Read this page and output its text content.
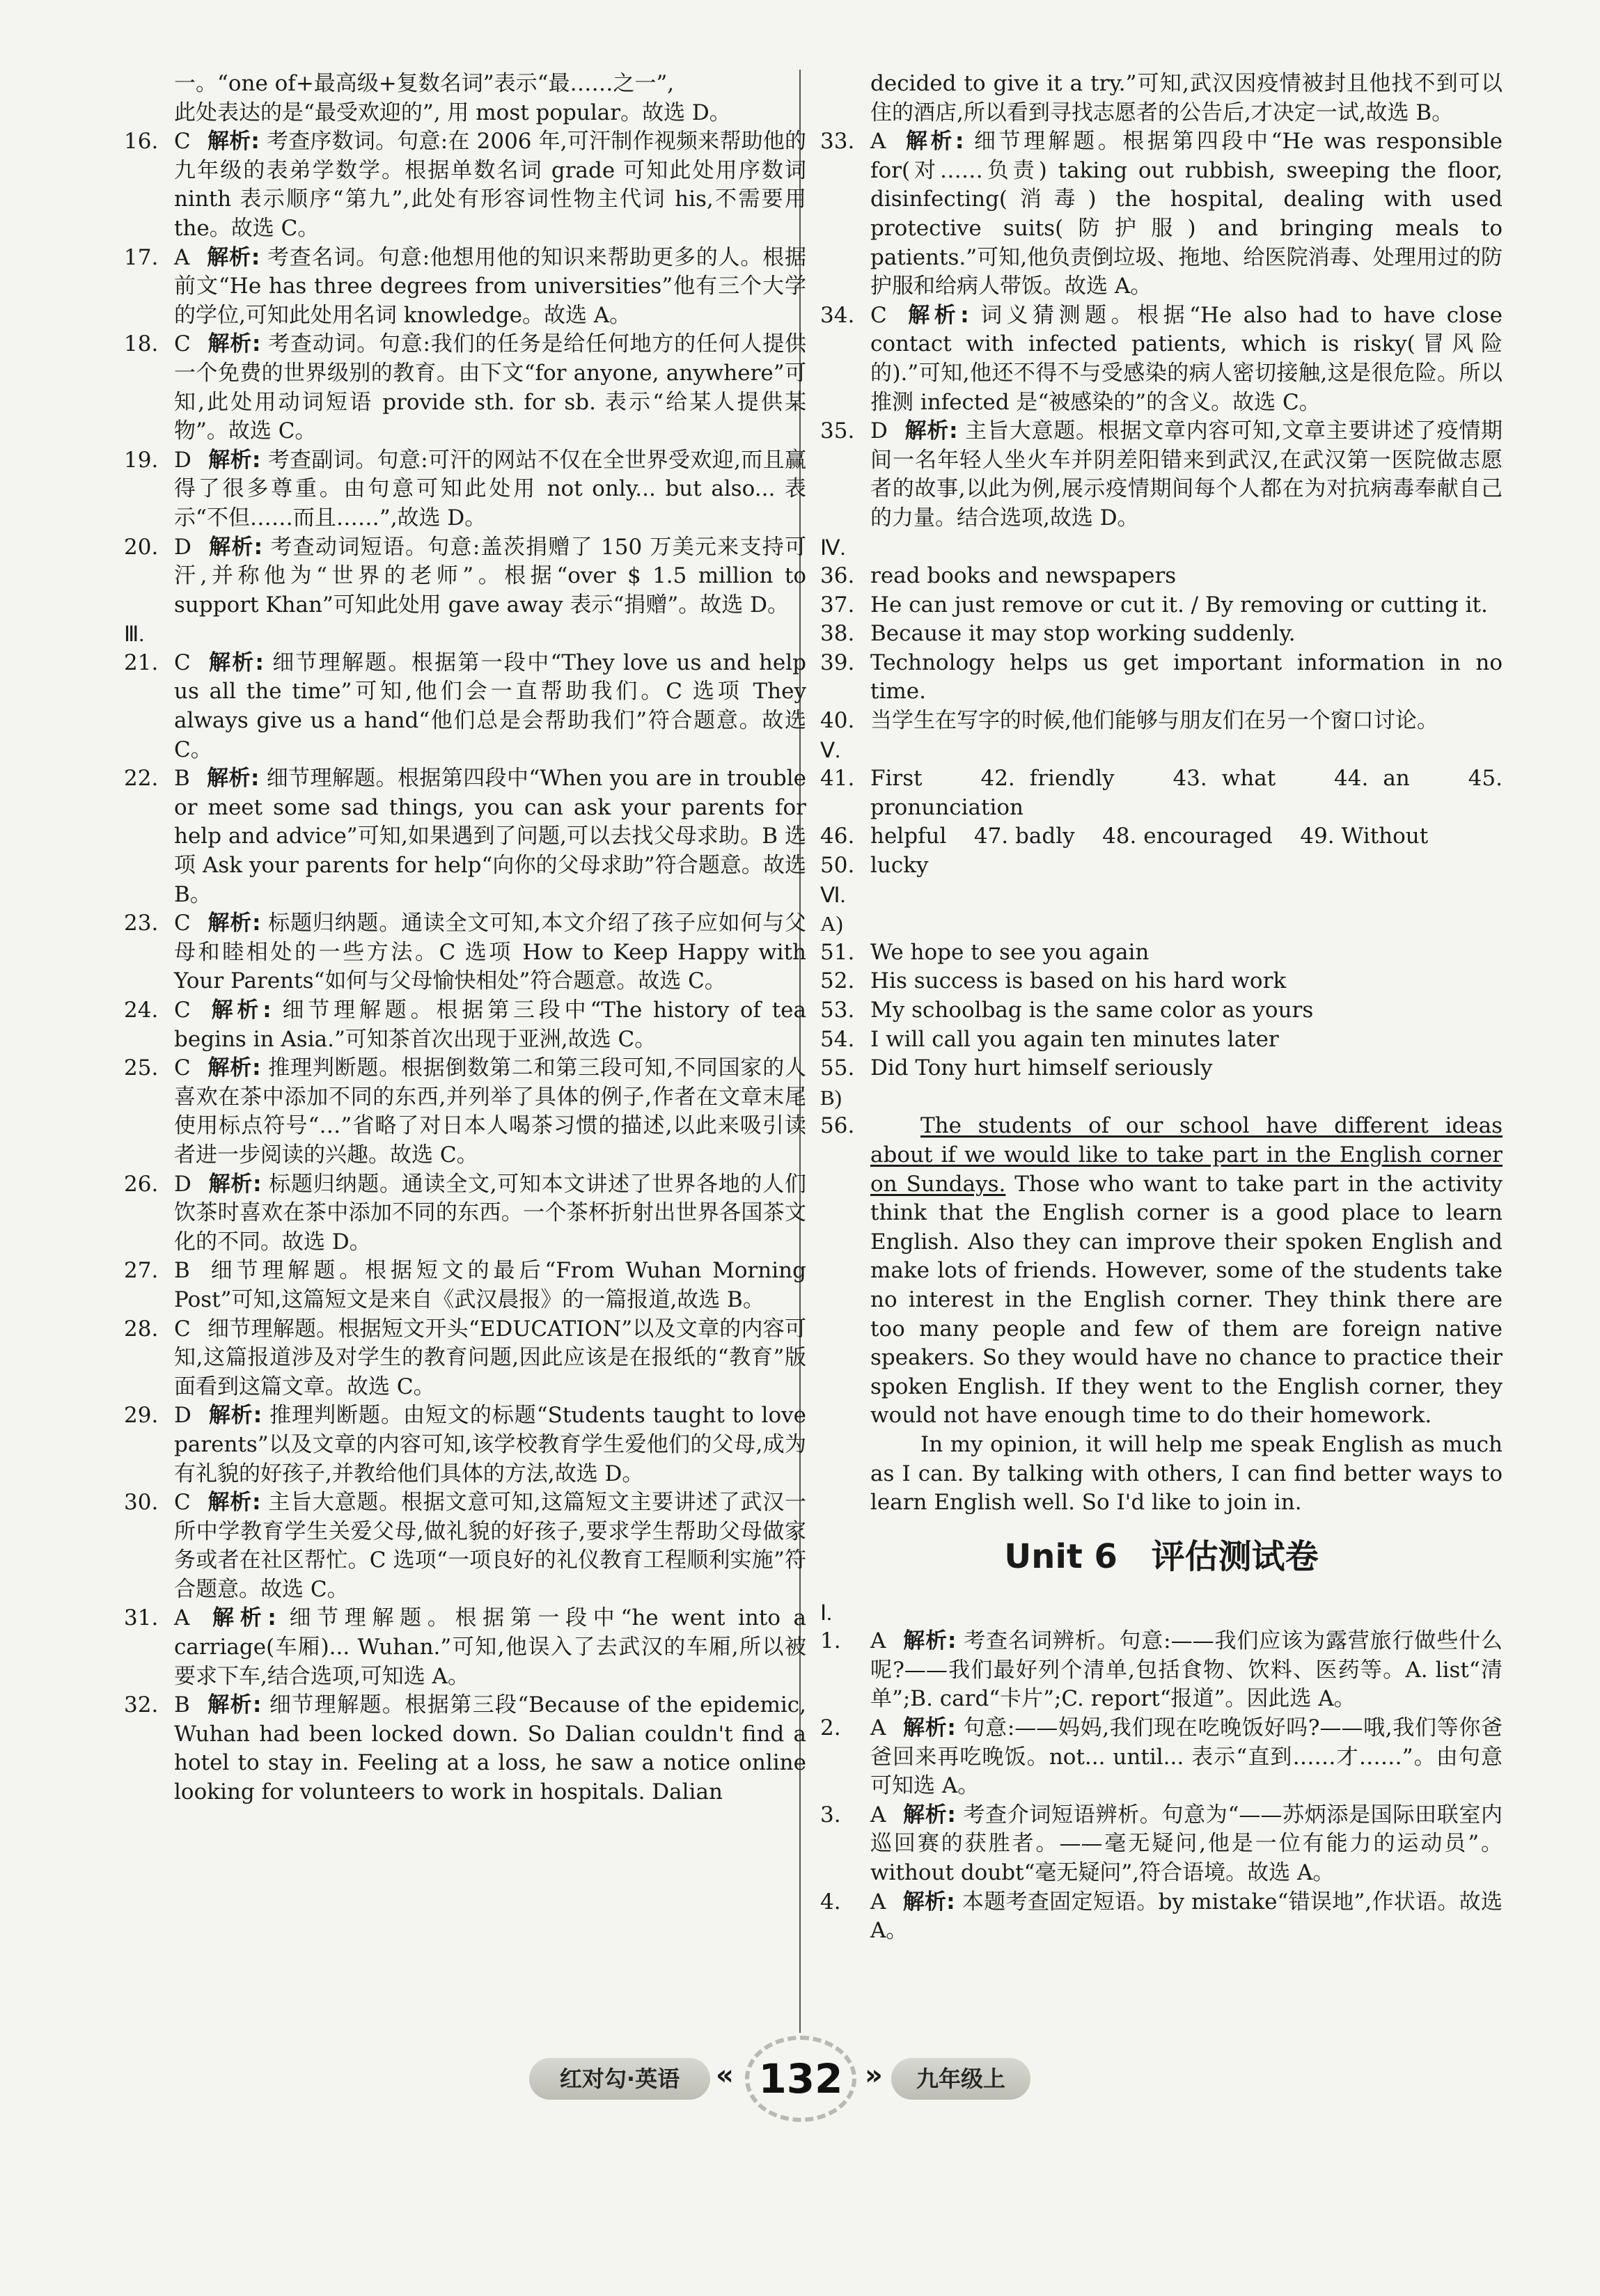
一。“one of+最高级+复数名词”表示“最……之一”,

此处表达的是“最受欢迎的”, 用 most popular。故选 D。

16. C 解析: 考查序数词。句意:在 2006 年,可汗制作视频来帮助他的九年级的表弟学数学。根据单数名词 grade 可知此处用序数词 ninth 表示顺序“第九”,此处有形容词性物主代词 his,不需要用 the。故选 C。
17. A 解析: 考查名词。句意:他想用他的知识来帮助更多的人。根据前文“He has three degrees from universities”他有三个大学的学位,可知此处用名词 knowledge。故选 A。
18. C 解析: 考查动词。句意:我们的任务是给任何地方的任何人提供一个免费的世界级别的教育。由下文“for anyone, anywhere”可知,此处用动词短语 provide sth. for sb. 表示“给某人提供某物”。故选 C。
19. D 解析: 考查副词。句意:可汗的网站不仅在全世界受欢迎,而且赢得了很多尊重。由句意可知此处用 not only... but also... 表示“不但……而且……”,故选 D。
20. D 解析: 考查动词短语。句意:盖茨捐赠了 150 万美元来支持可汗,并称他为“世界的老师”。根据“over $ 1.5 million to support Khan”可知此处用 gave away 表示“捐赠”。故选 D。

Ⅲ.

21. C 解析: 细节理解题。根据第一段中“They love us and help us all the time”可知,他们会一直帮助我们。C 选项 They always give us a hand“他们总是会帮助我们”符合题意。故选 C。
22. B 解析: 细节理解题。根据第四段中“When you are in trouble or meet some sad things, you can ask your parents for help and advice”可知,如果遇到了问题,可以去找父母求助。B 选项 Ask your parents for help“向你的父母求助”符合题意。故选 B。
23. C 解析: 标题归纳题。通读全文可知,本文介绍了孩子应如何与父母和睦相处的一些方法。C 选项 How to Keep Happy with Your Parents“如何与父母愉快相处”符合题意。故选 C。
24. C 解析: 细节理解题。根据第三段中“The history of tea begins in Asia.”可知茶首次出现于亚洲,故选 C。
25. C 解析: 推理判断题。根据倒数第二和第三段可知,不同国家的人喜欢在茶中添加不同的东西,并列举了具体的例子,作者在文章末尾使用标点符号“…”省略了对日本人喝茶习惯的描述,以此来吸引读者进一步阅读的兴趣。故选 C。
26. D 解析: 标题归纳题。通读全文,可知本文讲述了世界各地的人们饮茶时喜欢在茶中添加不同的东西。一个茶杯折射出世界各国茶文化的不同。故选 D。
27. B 细节理解题。根据短文的最后“From Wuhan Morning Post”可知,这篇短文是来自《武汉晨报》的一篇报道,故选 B。
28. C 细节理解题。根据短文开头“EDUCATION”以及文章的内容可知,这篇报道涉及对学生的教育问题,因此应该是在报纸的“教育”版面看到这篇文章。故选 C。
29. D 解析: 推理判断题。由短文的标题“Students taught to love parents”以及文章的内容可知,该学校教育学生爱他们的父母,成为有礼貌的好孩子,并教给他们具体的方法,故选 D。
30. C 解析: 主旨大意题。根据文意可知,这篇短文主要讲述了武汉一所中学教育学生关爱父母,做礼貌的好孩子,要求学生帮助父母做家务或者在社区帮忙。C 选项“一项良好的礼仪教育工程顺利实施”符合题意。故选 C。
31. A 解析: 细节理解题。根据第一段中“he went into a carriage(车厢)... Wuhan.”可知,他误入了去武汉的车厢,所以被要求下车,结合选项,可知选 A。
32. B 解析: 细节理解题。根据第三段“Because of the epidemic, Wuhan had been locked down. So Dalian couldn't find a hotel to stay in. Feeling at a loss, he saw a notice online looking for volunteers to work in hospitals. Dalian

decided to give it a try.”可知,武汉因疫情被封且他找不到可以住的酒店,所以看到寻找志愿者的公告后,才决定一试,故选 B。

33. A 解析: 细节理解题。根据第四段中“He was responsible for(对……负责) taking out rubbish, sweeping the floor, disinfecting(消毒) the hospital, dealing with used protective suits(防护服) and bringing meals to patients.”可知,他负责倒垃圾、拖地、给医院消毒、处理用过的防护服和给病人带饭。故选 A。
34. C 解析: 词义猜测题。根据“He also had to have close contact with infected patients, which is risky(冒风险的).”可知,他还不得不与受感染的病人密切接触,这是很危险。所以推测 infected 是“被感染的”的含义。故选 C。
35. D 解析: 主旨大意题。根据文章内容可知,文章主要讲述了疫情期间一名年轻人坐火车并阴差阳错来到武汉,在武汉第一医院做志愿者的故事,以此为例,展示疫情期间每个人都在为对抗病毒奉献自己的力量。结合选项,故选 D。

Ⅳ.

36. read books and newspapers
37. He can just remove or cut it. / By removing or cutting it.
38. Because it may stop working suddenly.
39. Technology helps us get important information in no time.
40. 当学生在写字的时候,他们能够与朋友们在另一个窗口讨论。

Ⅴ.

41. First	42. friendly	43. what	44. an	45. pronunciation
46. helpful 47. badly 48. encouraged 49. Without
50. lucky

Ⅵ.

A)

51. We hope to see you again
52. His success is based on his hard work
53. My schoolbag is the same color as yours
54. I will call you again ten minutes later
55. Did Tony hurt himself seriously

B)

56.	The students of our school have different ideas about if we would like to take part in the English corner on Sundays. Those who want to take part in the activity think that the English corner is a good place to learn English. Also they can improve their spoken English and make lots of friends. However, some of the students take no interest in the English corner. They think there are too many people and few of them are foreign native speakers. So they would have no chance to practice their spoken English. If they went to the English corner, they would not have enough time to do their homework.

In my opinion, it will help me speak English as much as I can. By talking with others, I can find better ways to learn English well. So I'd like to join in.

Unit 6 评估测试卷

Ⅰ.

1. A 解析: 考查名词辨析。句意:——我们应该为露营旅行做些什么呢?——我们最好列个清单,包括食物、饮料、医药等。A. list“清单”;B. card“卡片”;C. report“报道”。因此选 A。
2. A 解析: 句意:——妈妈,我们现在吃晚饭好吗?——哦,我们等你爸爸回来再吃晚饭。not... until... 表示“直到……才……”。由句意可知选 A。
3. A 解析: 考查介词短语辨析。句意为“——苏炳添是国际田联室内巡回赛的获胜者。——毫无疑问,他是一位有能力的运动员”。without doubt“毫无疑问”,符合语境。故选 A。
4. A 解析: 本题考查固定短语。by mistake“错误地”,作状语。故选 A。
红对勾·英语	« 132 »	九年级上
